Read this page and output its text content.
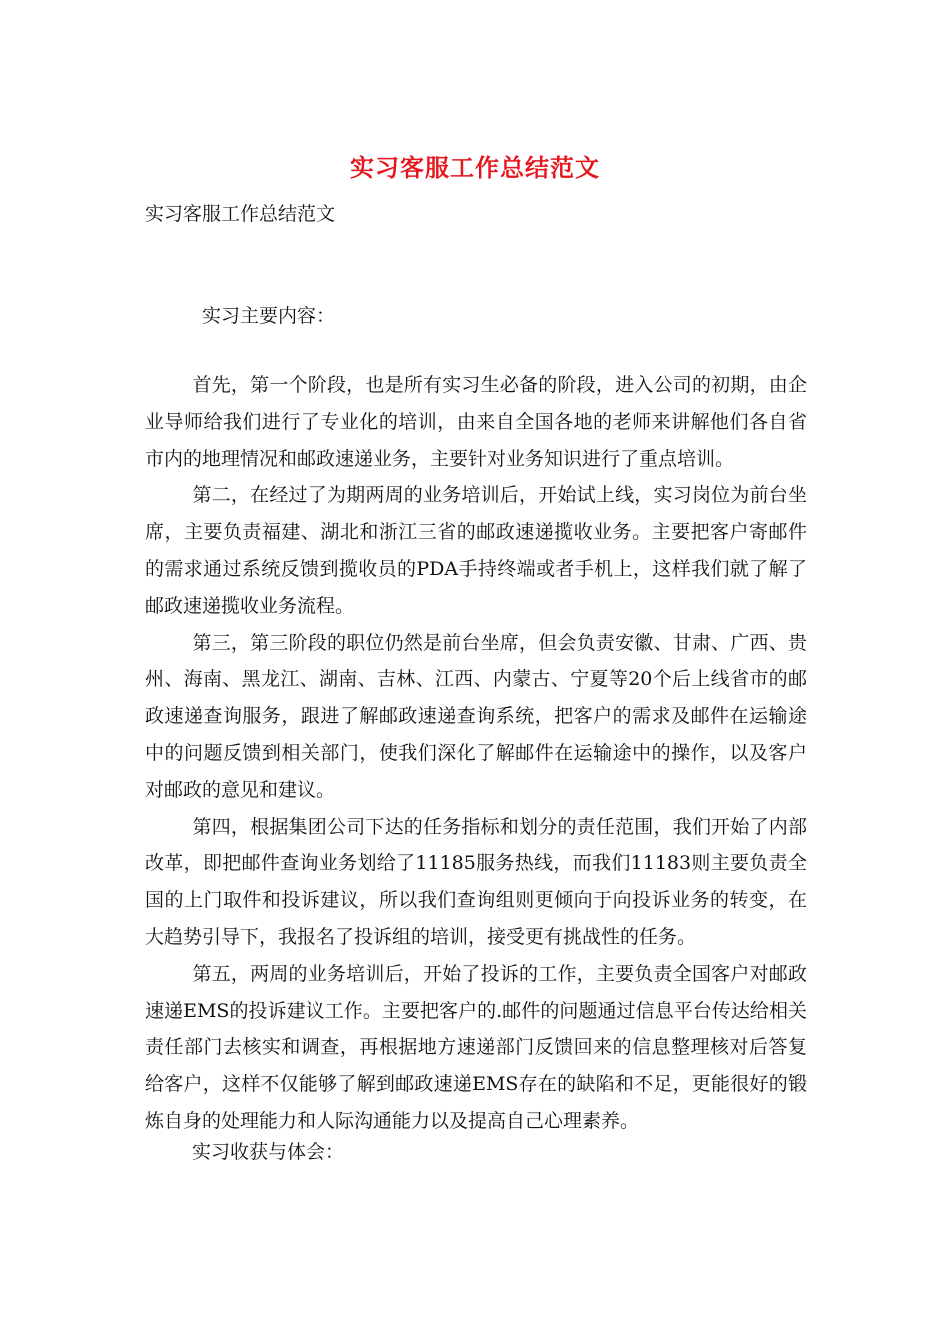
实习客服工作总结范文
实习客服工作总结范文
实习主要内容：

首先，第一个阶段，也是所有实习生必备的阶段，进入公司的初期，由企业导师给我们进行了专业化的培训，由来自全国各地的老师来讲解他们各自省市内的地理情况和邮政速递业务，主要针对业务知识进行了重点培训。

第二，在经过了为期两周的业务培训后，开始试上线，实习岗位为前台坐席，主要负责福建、湖北和浙江三省的邮政速递揽收业务。主要把客户寄邮件的需求通过系统反馈到揽收员的PDA手持终端或者手机上，这样我们就了解了邮政速递揽收业务流程。

第三，第三阶段的职位仍然是前台坐席，但会负责安徽、甘肃、广西、贵州、海南、黑龙江、湖南、吉林、江西、内蒙古、宁夏等20个后上线省市的邮政速递查询服务，跟进了解邮政速递查询系统，把客户的需求及邮件在运输途中的问题反馈到相关部门，使我们深化了解邮件在运输途中的操作，以及客户对邮政的意见和建议。

第四，根据集团公司下达的任务指标和划分的责任范围，我们开始了内部改革，即把邮件查询业务划给了11185服务热线，而我们11183则主要负责全国的上门取件和投诉建议，所以我们查询组则更倾向于向投诉业务的转变，在大趋势引导下，我报名了投诉组的培训，接受更有挑战性的任务。

第五，两周的业务培训后，开始了投诉的工作，主要负责全国客户对邮政速递EMS的投诉建议工作。主要把客户的.邮件的问题通过信息平台传达给相关责任部门去核实和调查，再根据地方速递部门反馈回来的信息整理核对后答复给客户，这样不仅能够了解到邮政速递EMS存在的缺陷和不足，更能很好的锻炼自身的处理能力和人际沟通能力以及提高自己心理素养。

实习收获与体会：
